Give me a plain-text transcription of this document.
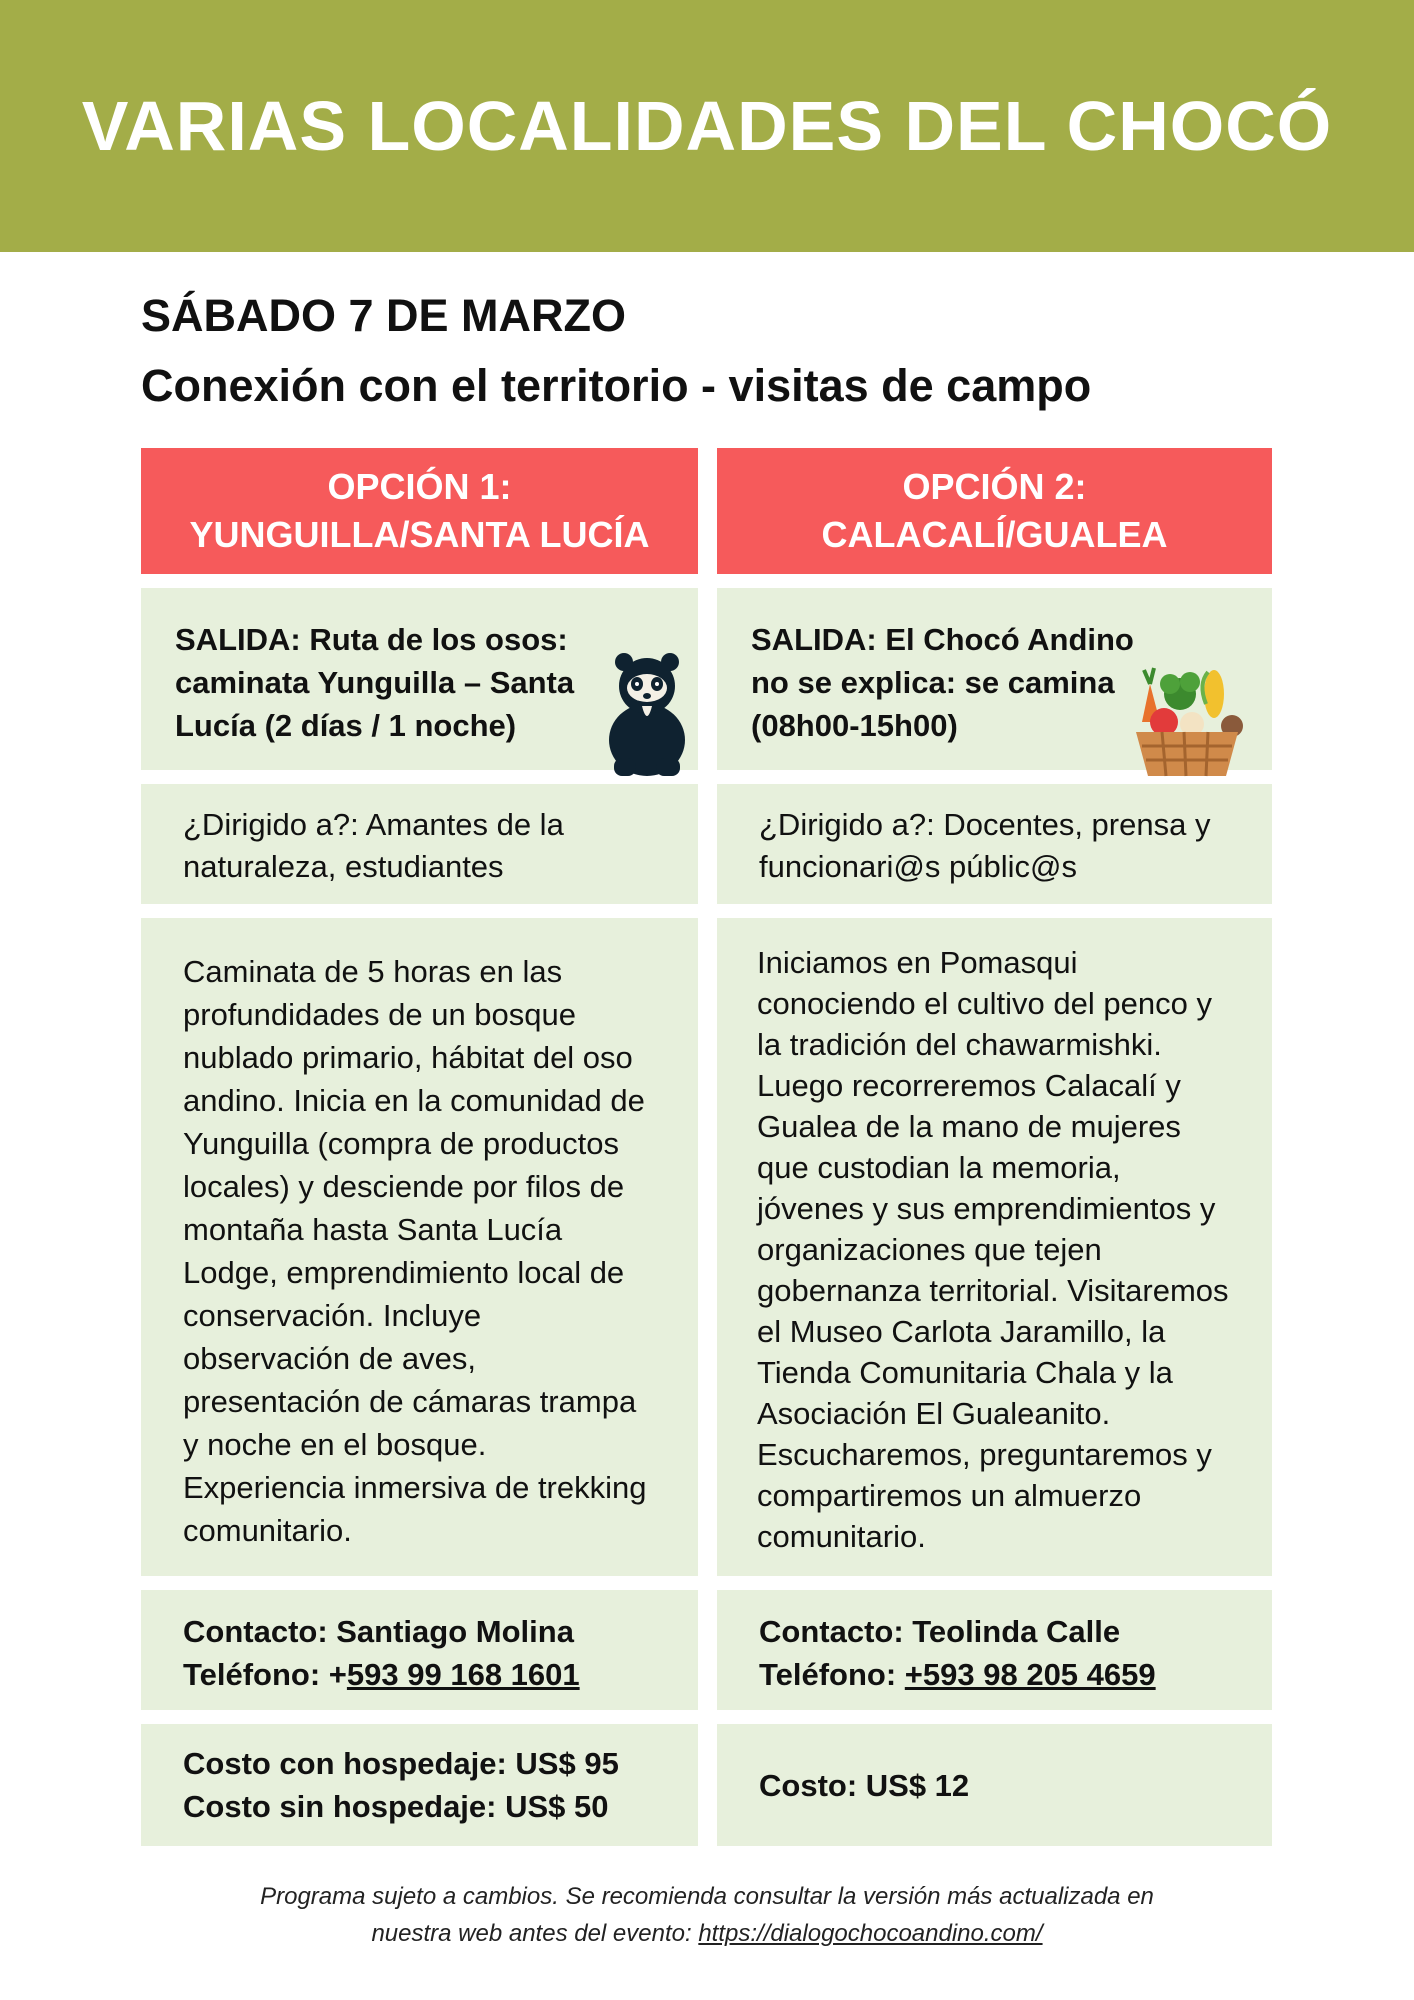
VARIAS LOCALIDADES DEL CHOCÓ
SÁBADO 7 DE MARZO
Conexión con el territorio - visitas de campo
OPCIÓN 1:
YUNGUILLA/SANTA LUCÍA
SALIDA: Ruta de los osos: caminata Yunguilla – Santa Lucía (2 días / 1 noche)
¿Dirigido a?: Amantes de la naturaleza, estudiantes
Caminata de 5 horas en las profundidades de un bosque nublado primario, hábitat del oso andino. Inicia en la comunidad de Yunguilla (compra de productos locales) y desciende por filos de montaña hasta Santa Lucía Lodge, emprendimiento local de conservación. Incluye observación de aves, presentación de cámaras trampa y noche en el bosque. Experiencia inmersiva de trekking comunitario.
Contacto: Santiago Molina
Teléfono: +593 99 168 1601
Costo con hospedaje: US$ 95
Costo sin hospedaje: US$ 50
OPCIÓN 2:
CALACALÍ/GUALEA
SALIDA: El Chocó Andino no se explica: se camina (08h00-15h00)
¿Dirigido a?: Docentes, prensa y funcionari@s públic@s
Iniciamos en Pomasqui conociendo el cultivo del penco y la tradición del chawarmishki. Luego recorreremos Calacalí y Gualea de la mano de mujeres que custodian la memoria, jóvenes y sus emprendimientos y organizaciones que tejen gobernanza territorial. Visitaremos el Museo Carlota Jaramillo, la Tienda Comunitaria Chala y la Asociación El Gualeanito. Escucharemos, preguntaremos y compartiremos un almuerzo comunitario.
Contacto: Teolinda Calle
Teléfono: +593 98 205 4659
Costo: US$ 12
Programa sujeto a cambios. Se recomienda consultar la versión más actualizada en
nuestra web antes del evento: https://dialogochocoandino.com/
